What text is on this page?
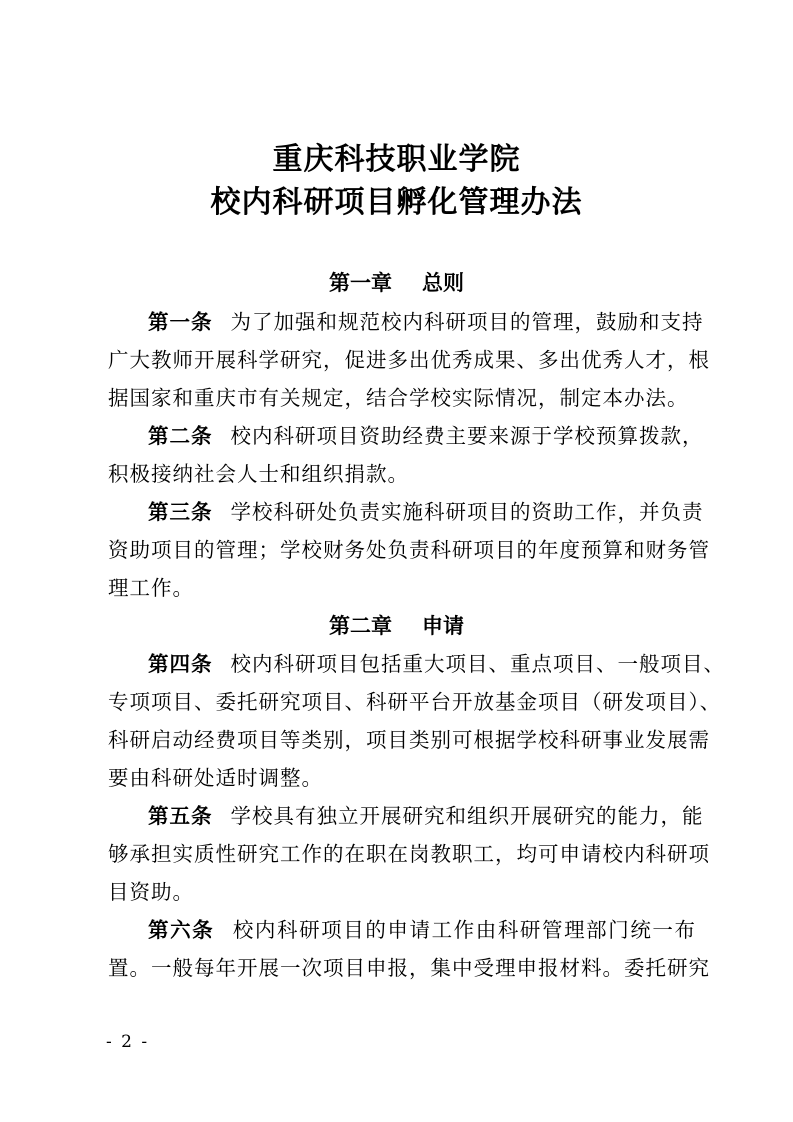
重庆科技职业学院
校内科研项目孵化管理办法
第一章 总则
第一条 为了加强和规范校内科研项目的管理，鼓励和支持
广大教师开展科学研究，促进多出优秀成果、多出优秀人才，根
据国家和重庆市有关规定，结合学校实际情况，制定本办法。
第二条 校内科研项目资助经费主要来源于学校预算拨款，
积极接纳社会人士和组织捐款。
第三条 学校科研处负责实施科研项目的资助工作，并负责
资助项目的管理；学校财务处负责科研项目的年度预算和财务管
理工作。
第二章 申请
第四条 校内科研项目包括重大项目、重点项目、一般项目、
专项项目、委托研究项目、科研平台开放基金项目（研发项目）、
科研启动经费项目等类别，项目类别可根据学校科研事业发展需
要由科研处适时调整。
第五条 学校具有独立开展研究和组织开展研究的能力，能
够承担实质性研究工作的在职在岗教职工，均可申请校内科研项
目资助。
第六条 校内科研项目的申请工作由科研管理部门统一布
置。一般每年开展一次项目申报，集中受理申报材料。委托研究
- 2 -
